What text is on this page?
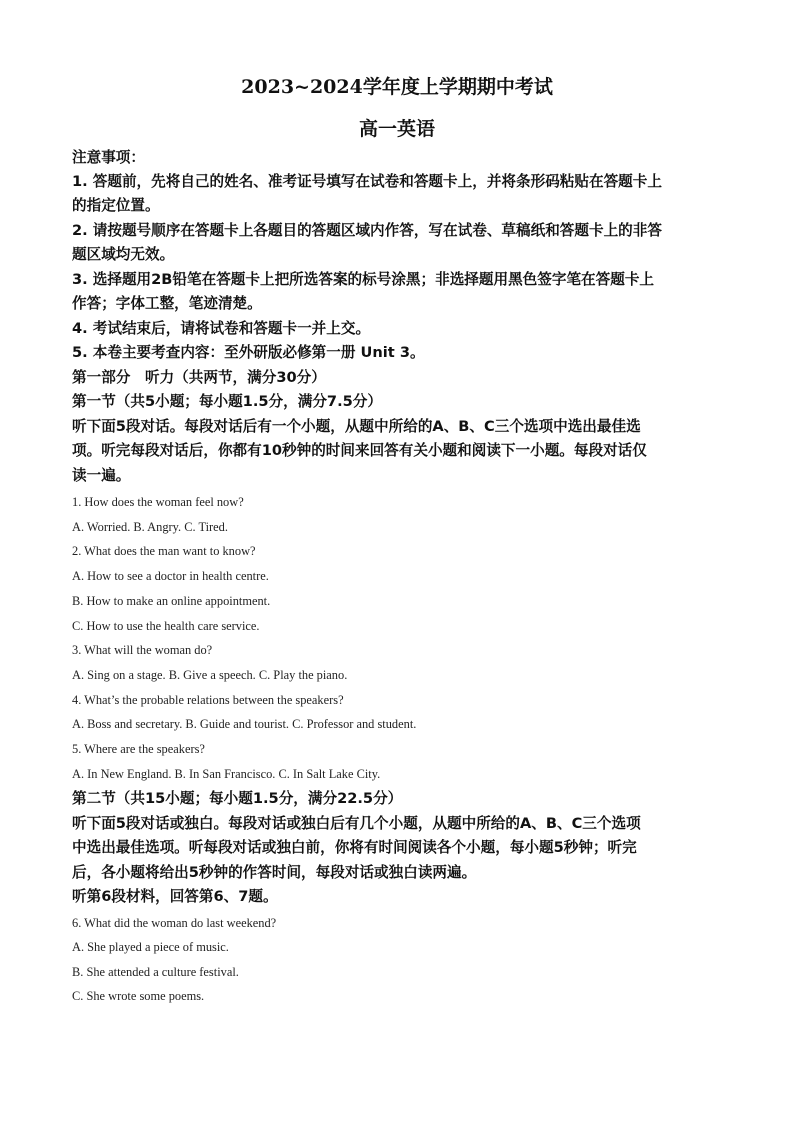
2023~2024学年度上学期期中考试
高一英语
注意事项：
1. 答题前，先将自己的姓名、准考证号填写在试卷和答题卡上，并将条形码粘贴在答题卡上
的指定位置。
2. 请按题号顺序在答题卡上各题目的答题区域内作答，写在试卷、草稿纸和答题卡上的非答
题区域均无效。
3. 选择题用2B铅笔在答题卡上把所选答案的标号涂黑；非选择题用黑色签字笔在答题卡上
作答；字体工整，笔迹清楚。
4. 考试结束后，请将试卷和答题卡一并上交。
5. 本卷主要考查内容：至外研版必修第一册 Unit 3。
第一部分　听力（共两节，满分30分）
第一节（共5小题；每小题1.5分，满分7.5分）
听下面5段对话。每段对话后有一个小题，从题中所给的A、B、C三个选项中选出最佳选
项。听完每段对话后，你都有10秒钟的时间来回答有关小题和阅读下一小题。每段对话仅
读一遍。
1. How does the woman feel now?
A. Worried. B. Angry. C. Tired.
2. What does the man want to know?
A. How to see a doctor in health centre.
B. How to make an online appointment.
C. How to use the health care service.
3. What will the woman do?
A. Sing on a stage. B. Give a speech. C. Play the piano.
4. What’s the probable relations between the speakers?
A. Boss and secretary. B. Guide and tourist. C. Professor and student.
5. Where are the speakers?
A. In New England. B. In San Francisco. C. In Salt Lake City.
第二节（共15小题；每小题1.5分，满分22.5分）
听下面5段对话或独白。每段对话或独白后有几个小题，从题中所给的A、B、C三个选项
中选出最佳选项。听每段对话或独白前，你将有时间阅读各个小题，每小题5秒钟；听完
后，各小题将给出5秒钟的作答时间，每段对话或独白读两遍。
听第6段材料，回答第6、7题。
6. What did the woman do last weekend?
A. She played a piece of music.
B. She attended a culture festival.
C. She wrote some poems.
